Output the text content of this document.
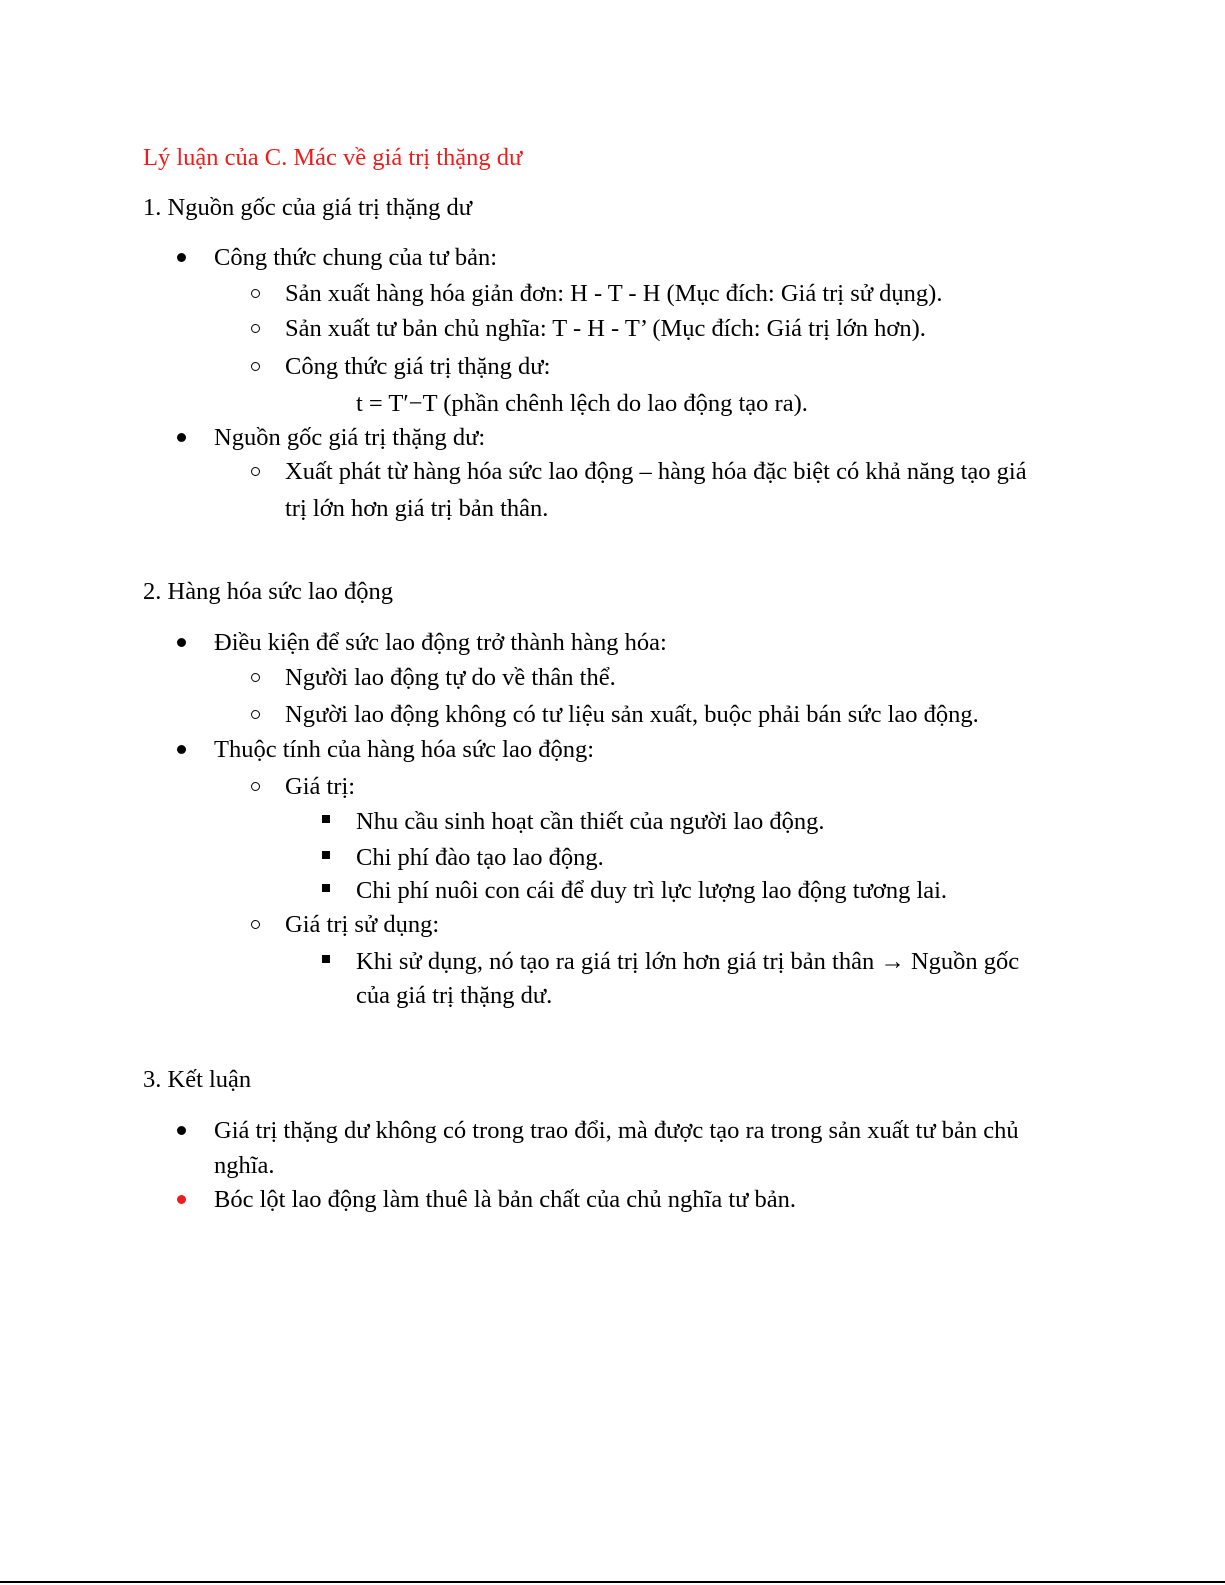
Lý luận của C. Mác về giá trị thặng dư
1. Nguồn gốc của giá trị thặng dư
Công thức chung của tư bản:
Sản xuất hàng hóa giản đơn: H - T - H (Mục đích: Giá trị sử dụng).
Sản xuất tư bản chủ nghĩa: T - H - T’ (Mục đích: Giá trị lớn hơn).
Công thức giá trị thặng dư:
t = T′−T (phần chênh lệch do lao động tạo ra).
Nguồn gốc giá trị thặng dư:
Xuất phát từ hàng hóa sức lao động – hàng hóa đặc biệt có khả năng tạo giá
trị lớn hơn giá trị bản thân.
2. Hàng hóa sức lao động
Điều kiện để sức lao động trở thành hàng hóa:
Người lao động tự do về thân thể.
Người lao động không có tư liệu sản xuất, buộc phải bán sức lao động.
Thuộc tính của hàng hóa sức lao động:
Giá trị:
Nhu cầu sinh hoạt cần thiết của người lao động.
Chi phí đào tạo lao động.
Chi phí nuôi con cái để duy trì lực lượng lao động tương lai.
Giá trị sử dụng:
Khi sử dụng, nó tạo ra giá trị lớn hơn giá trị bản thân → Nguồn gốc
của giá trị thặng dư.
3. Kết luận
Giá trị thặng dư không có trong trao đổi, mà được tạo ra trong sản xuất tư bản chủ
nghĩa.
Bóc lột lao động làm thuê là bản chất của chủ nghĩa tư bản.
